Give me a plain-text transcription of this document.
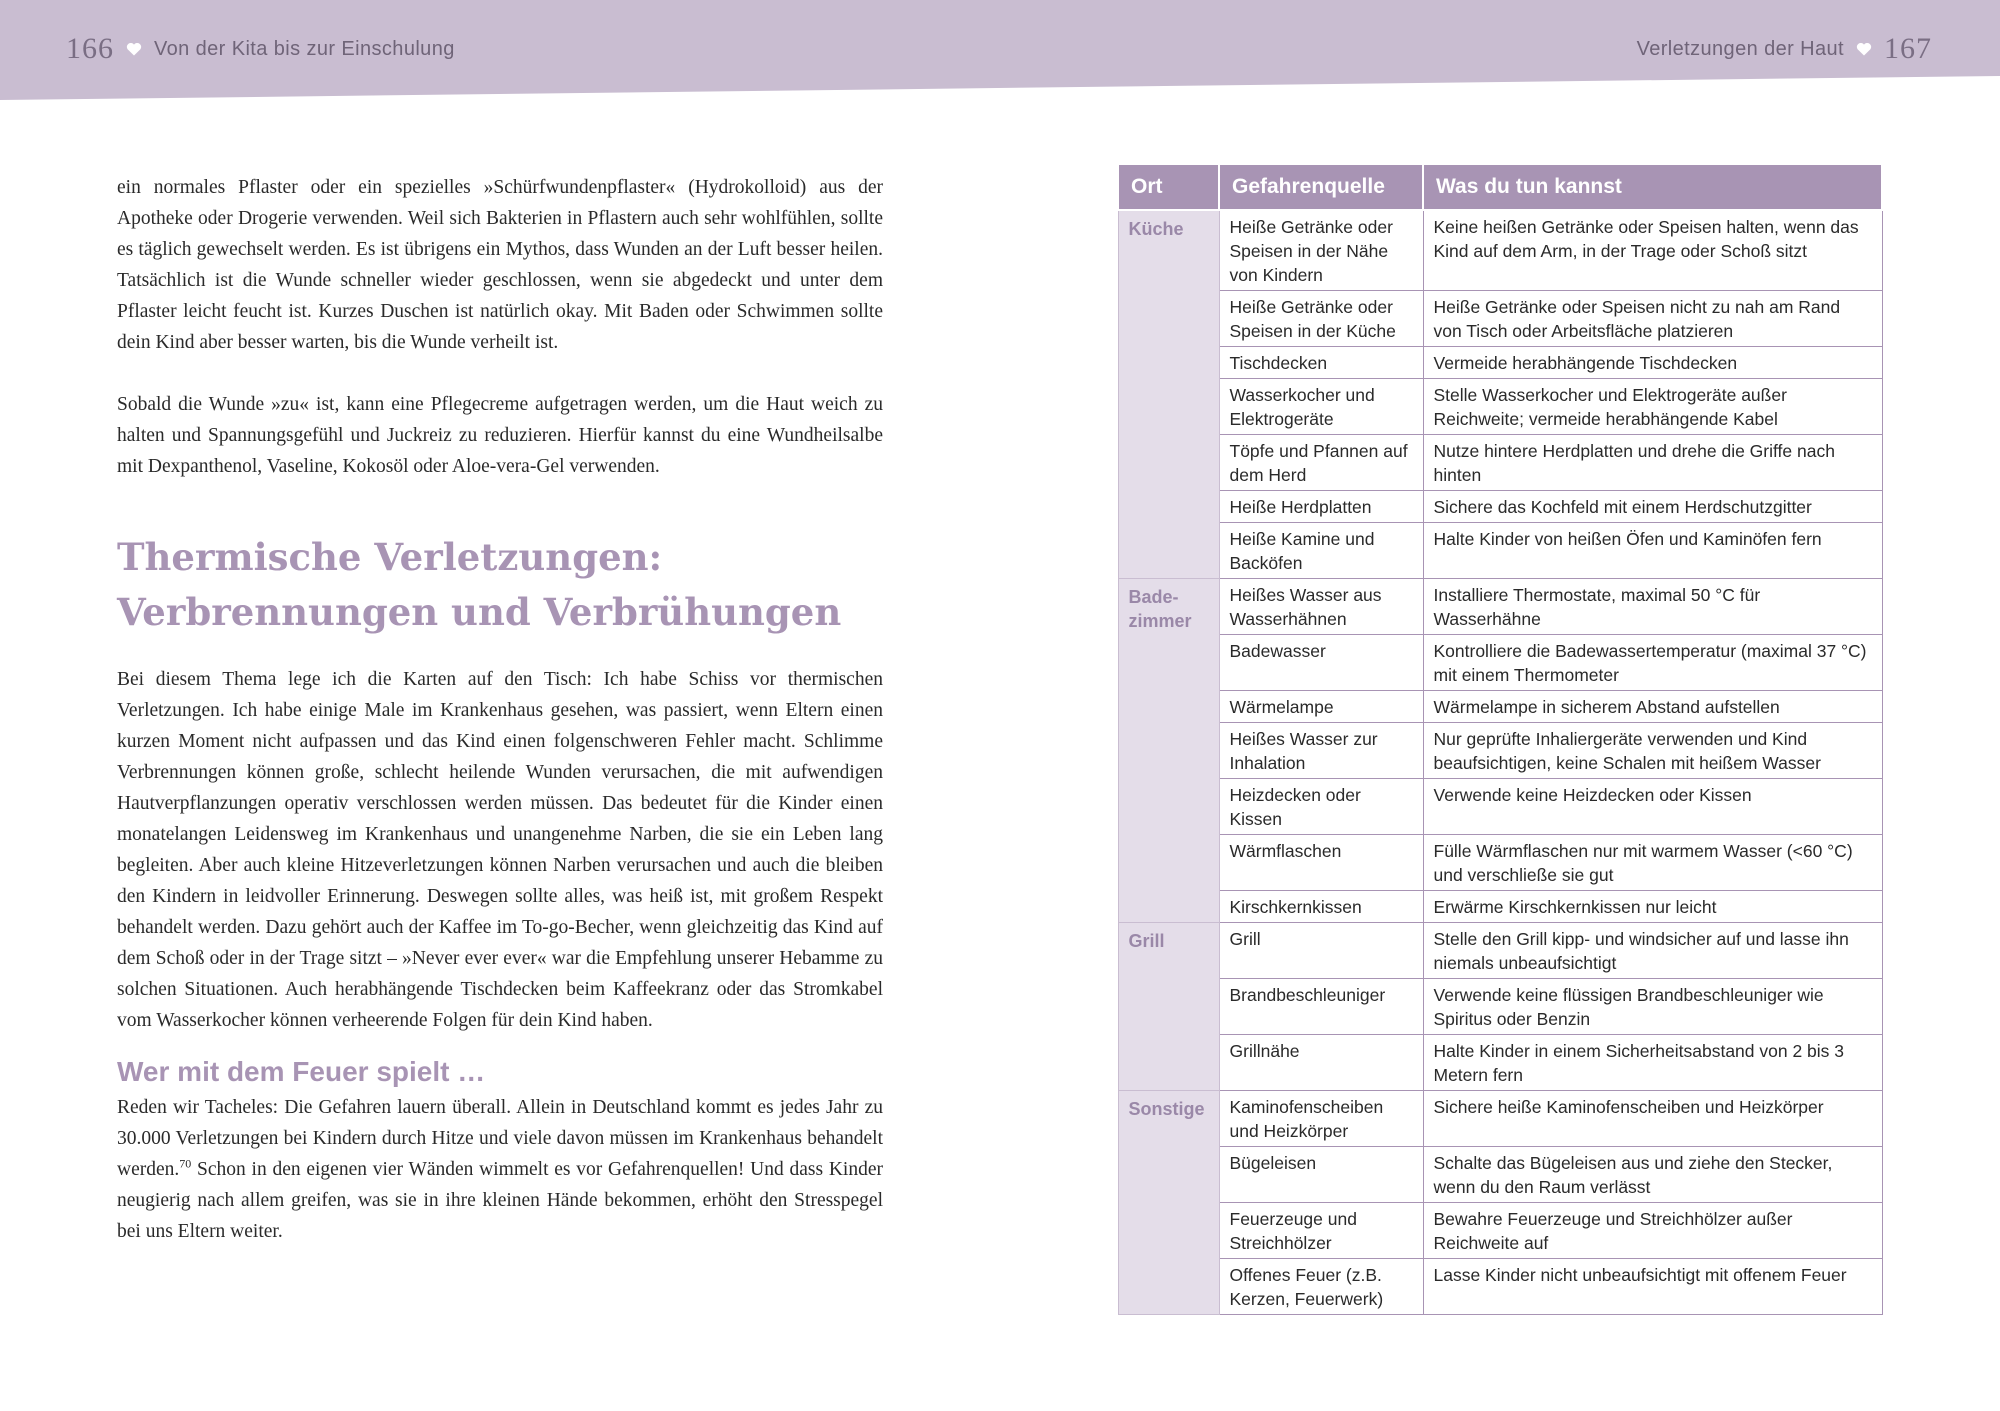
166 Von der Kita bis zur Einschulung	Verletzungen der Haut 167

ein normales Pflaster oder ein spezielles »Schürfwundenpflaster« (Hydrokolloid) aus der Apotheke oder Drogerie verwenden. Weil sich Bakterien in Pflastern auch sehr wohlfühlen, sollte es täglich gewechselt werden. Es ist übrigens ein Mythos, dass Wunden an der Luft besser heilen. Tatsächlich ist die Wunde schneller wieder geschlossen, wenn sie abgedeckt und unter dem Pflaster leicht feucht ist. Kurzes Duschen ist natürlich okay. Mit Baden oder Schwimmen sollte dein Kind aber besser warten, bis die Wunde verheilt ist.

Sobald die Wunde »zu« ist, kann eine Pflegecreme aufgetragen werden, um die Haut weich zu halten und Spannungsgefühl und Juckreiz zu reduzieren. Hierfür kannst du eine Wundheilsalbe mit Dexpanthenol, Vaseline, Kokosöl oder Aloe-vera-Gel verwenden.

Thermische Verletzungen:
Verbrennungen und Verbrühungen

Bei diesem Thema lege ich die Karten auf den Tisch: Ich habe Schiss vor thermischen Verletzungen. Ich habe einige Male im Krankenhaus gesehen, was passiert, wenn Eltern einen kurzen Moment nicht aufpassen und das Kind einen folgenschweren Fehler macht. Schlimme Verbrennungen können große, schlecht heilende Wunden verursachen, die mit aufwendigen Hautverpflanzungen operativ verschlossen werden müssen. Das bedeutet für die Kinder einen monatelangen Leidensweg im Krankenhaus und unangenehme Narben, die sie ein Leben lang begleiten. Aber auch kleine Hitzeverletzungen können Narben verursachen und auch die bleiben den Kindern in leidvoller Erinnerung. Deswegen sollte alles, was heiß ist, mit großem Respekt behandelt werden. Dazu gehört auch der Kaffee im To-go-Becher, wenn gleichzeitig das Kind auf dem Schoß oder in der Trage sitzt – »Never ever ever« war die Empfehlung unserer Hebamme zu solchen Situationen. Auch herabhängende Tischdecken beim Kaffeekranz oder das Stromkabel vom Wasserkocher können verheerende Folgen für dein Kind haben.

Wer mit dem Feuer spielt …

Reden wir Tacheles: Die Gefahren lauern überall. Allein in Deutschland kommt es jedes Jahr zu 30.000 Verletzungen bei Kindern durch Hitze und viele davon müssen im Krankenhaus behandelt werden.$^{70}$ Schon in den eigenen vier Wänden wimmelt es vor Gefahrenquellen! Und dass Kinder neugierig nach allem greifen, was sie in ihre kleinen Hände bekommen, erhöht den Stresspegel bei uns Eltern weiter.

Ort	Gefahrenquelle	Was du tun kannst
Küche	Heiße Getränke oder Speisen in der Nähe von Kindern	Keine heißen Getränke oder Speisen halten, wenn das Kind auf dem Arm, in der Trage oder Schoß sitzt
	Heiße Getränke oder Speisen in der Küche	Heiße Getränke oder Speisen nicht zu nah am Rand von Tisch oder Arbeitsfläche platzieren
	Tischdecken	Vermeide herabhängende Tischdecken
	Wasserkocher und Elektrogeräte	Stelle Wasserkocher und Elektrogeräte außer Reichweite; vermeide herabhängende Kabel
	Töpfe und Pfannen auf dem Herd	Nutze hintere Herdplatten und drehe die Griffe nach hinten
	Heiße Herdplatten	Sichere das Kochfeld mit einem Herdschutzgitter
	Heiße Kamine und Backöfen	Halte Kinder von heißen Öfen und Kaminöfen fern
Bade-
zimmer	Heißes Wasser aus Wasserhähnen	Installiere Thermostate, maximal 50 °C für Wasserhähne
	Badewasser	Kontrolliere die Badewassertemperatur (maximal 37 °C) mit einem Thermometer
	Wärmelampe	Wärmelampe in sicherem Abstand aufstellen
	Heißes Wasser zur Inhalation	Nur geprüfte Inhaliergeräte verwenden und Kind beaufsichtigen, keine Schalen mit heißem Wasser
	Heizdecken oder Kissen	Verwende keine Heizdecken oder Kissen
	Wärmflaschen	Fülle Wärmflaschen nur mit warmem Wasser (<60 °C) und verschließe sie gut
	Kirschkernkissen	Erwärme Kirschkernkissen nur leicht
Grill	Grill	Stelle den Grill kipp- und windsicher auf und lasse ihn niemals unbeaufsichtigt
	Brandbeschleuniger	Verwende keine flüssigen Brandbeschleuniger wie Spiritus oder Benzin
	Grillnähe	Halte Kinder in einem Sicherheitsabstand von 2 bis 3 Metern fern
Sonstige	Kaminofenscheiben und Heizkörper	Sichere heiße Kaminofenscheiben und Heizkörper
	Bügeleisen	Schalte das Bügeleisen aus und ziehe den Stecker, wenn du den Raum verlässt
	Feuerzeuge und Streichhölzer	Bewahre Feuerzeuge und Streichhölzer außer Reichweite auf
	Offenes Feuer (z.B. Kerzen, Feuerwerk)	Lasse Kinder nicht unbeaufsichtigt mit offenem Feuer
